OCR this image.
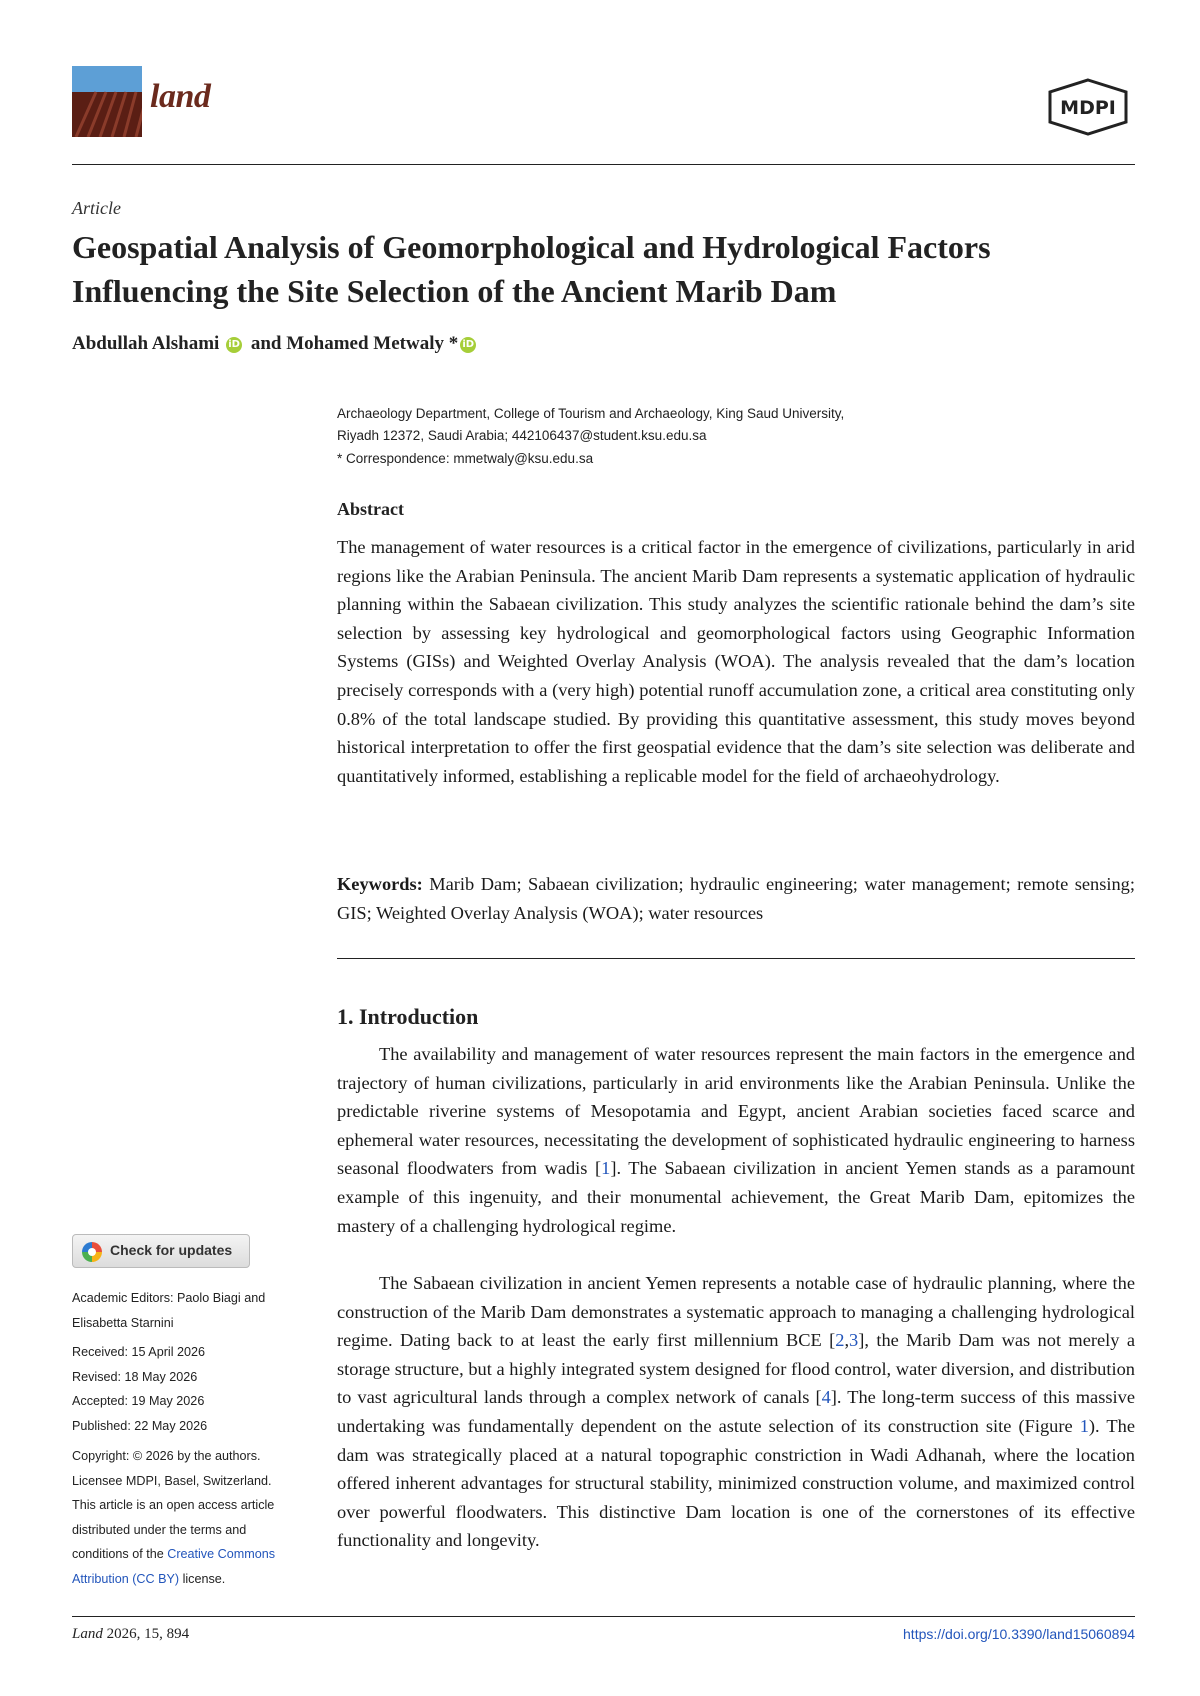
land	MDPI
Article
Geospatial Analysis of Geomorphological and Hydrological Factors Influencing the Site Selection of the Ancient Marib Dam
Abdullah Alshami iD and Mohamed Metwaly * iD
Archaeology Department, College of Tourism and Archaeology, King Saud University,
Riyadh 12372, Saudi Arabia; 442106437@student.ksu.edu.sa
* Correspondence: mmetwaly@ksu.edu.sa
Abstract

The management of water resources is a critical factor in the emergence of civilizations, particularly in arid regions like the Arabian Peninsula. The ancient Marib Dam represents a systematic application of hydraulic planning within the Sabaean civilization. This study analyzes the scientific rationale behind the dam’s site selection by assessing key hydrological and geomorphological factors using Geographic Information Systems (GISs) and Weighted Overlay Analysis (WOA). The analysis revealed that the dam’s location precisely corresponds with a (very high) potential runoff accumulation zone, a critical area constituting only 0.8% of the total landscape studied. By providing this quantitative assessment, this study moves beyond historical interpretation to offer the first geospatial evidence that the dam’s site selection was deliberate and quantitatively informed, establishing a replicable model for the field of archaeohydrology.

Keywords: Marib Dam; Sabaean civilization; hydraulic engineering; water management; remote sensing; GIS; Weighted Overlay Analysis (WOA); water resources

1. Introduction

The availability and management of water resources represent the main factors in the emergence and trajectory of human civilizations, particularly in arid environments like the Arabian Peninsula. Unlike the predictable riverine systems of Mesopotamia and Egypt, ancient Arabian societies faced scarce and ephemeral water resources, necessitating the development of sophisticated hydraulic engineering to harness seasonal floodwaters from wadis [1]. The Sabaean civilization in ancient Yemen stands as a paramount example of this ingenuity, and their monumental achievement, the Great Marib Dam, epitomizes the mastery of a challenging hydrological regime.

The Sabaean civilization in ancient Yemen represents a notable case of hydraulic planning, where the construction of the Marib Dam demonstrates a systematic approach to managing a challenging hydrological regime. Dating back to at least the early first millennium BCE [2,3], the Marib Dam was not merely a storage structure, but a highly integrated system designed for flood control, water diversion, and distribution to vast agricultural lands through a complex network of canals [4]. The long-term success of this massive undertaking was fundamentally dependent on the astute selection of its construction site (Figure 1). The dam was strategically placed at a natural topographic constriction in Wadi Adhanah, where the location offered inherent advantages for structural stability, minimized construction volume, and maximized control over powerful floodwaters. This distinctive Dam location is one of the cornerstones of its effective functionality and longevity.

Check for updates

Academic Editors: Paolo Biagi and
Elisabetta Starnini

Received: 15 April 2026
Revised: 18 May 2026
Accepted: 19 May 2026
Published: 22 May 2026

Copyright: © 2026 by the authors.
Licensee MDPI, Basel, Switzerland.
This article is an open access article
distributed under the terms and
conditions of the Creative Commons
Attribution (CC BY) license.

Land 2026, 15, 894	https://doi.org/10.3390/land15060894
